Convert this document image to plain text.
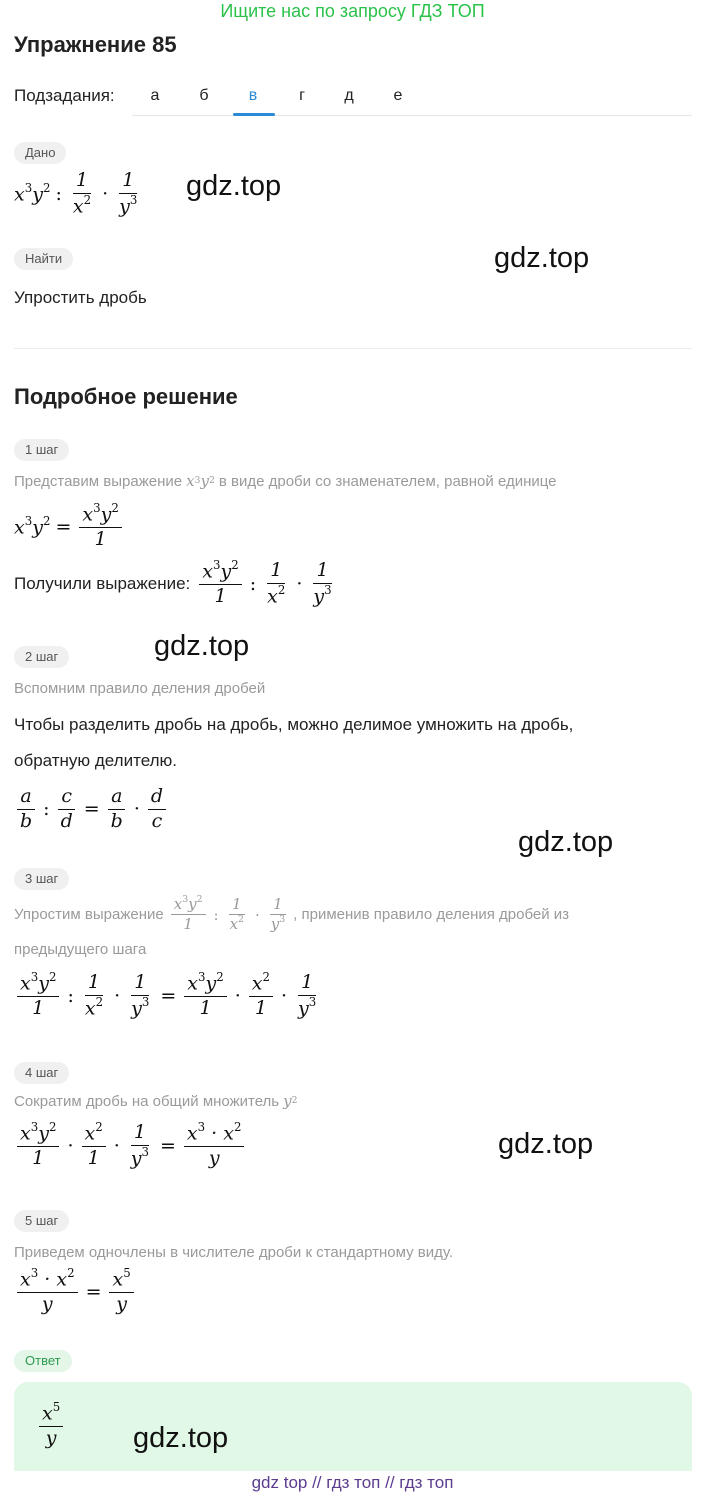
Ищите нас по запросу ГДЗ ТОП
Упражнение 85
Подзадания:	а	б	в	г	д	е
Дано
$x^3y^2$ : $\frac{1}{x^2} \cdot \frac{1}{y^3} gdz.top$
Найти	gdz.top
Упростить дробь
Подробное решение
1 шаг
Представим выражение x 3 y 2 в виде дроби со знаменателем, равной единице
$x^3y^2 = \frac{x^3y^2}{1}$
Получили выражение: $\frac{x^3y^2}{1}$ : $\frac{1}{x^2} \cdot \frac{1}{y^3}$
gdz.top
2 шаг
Вспомним правило деления дробей
Чтобы разделить дробь на дробь, можно делимое умножить на дробь,
обратную делителю.
$\frac{a}{b}$ : $\frac{c}{d} = \frac{a}{b} \cdot \frac{d}{c}$
gdz.top
3 шаг
Упростим выражение $\frac{x^3y^2}{1}$ : $\frac{1}{x^2} \cdot \frac{1}{y^3}$ , применив правило деления дробей из
предыдущего шага
$\frac{x^3y^2}{1}$ : $\frac{1}{x^2} \cdot \frac{1}{y^3} = \frac{x^3y^2}{1} \cdot \frac{x^2}{1} \cdot \frac{1}{y^3}$
4 шаг
Сократим дробь на общий множитель y 2
$\frac{x^3y^2}{1} \cdot \frac{x^2}{1} \cdot \frac{1}{y^3} = \frac{x^3 \cdot x^2}{y}$	gdz.top
5 шаг
Приведем одночлены в числителе дроби к стандартному виду.
$\frac{x^3 \cdot x^2}{y} = \frac{x^5}{y}$
Ответ
$\frac{x^5}{y} gdz.top$
gdz top // гдз топ // гдз топ
